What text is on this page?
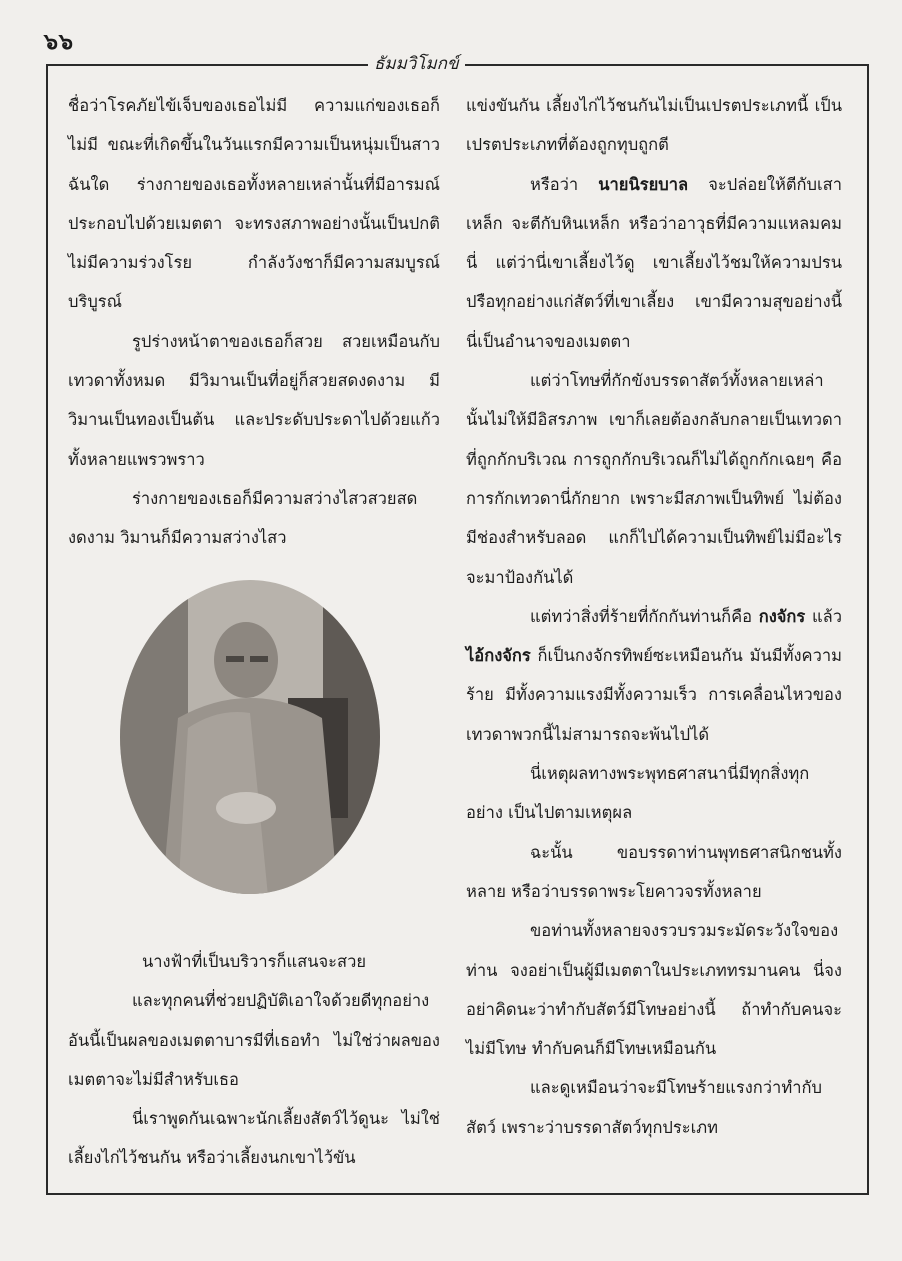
๖๖
ธัมมวิโมกข์

ชื่อว่าโรคภัยไข้เจ็บของเธอไม่มี ความแก่ของเธอก็ไม่มี ขณะที่เกิดขึ้นในวันแรกมีความเป็นหนุ่มเป็นสาวฉันใด ร่างกายของเธอทั้งหลายเหล่านั้นที่มีอารมณ์ประกอบไปด้วยเมตตา จะทรงสภาพอย่างนั้นเป็นปกติ ไม่มีความร่วงโรย กำลังวังชาก็มีความสมบูรณ์บริบูรณ์

รูปร่างหน้าตาของเธอก็สวย สวยเหมือนกับเทวดาทั้งหมด มีวิมานเป็นที่อยู่ก็สวยสดงดงาม มีวิมานเป็นทองเป็นต้น และประดับประดาไปด้วยแก้วทั้งหลายแพรวพราว

ร่างกายของเธอก็มีความสว่างไสวสวยสดงดงาม วิมานก็มีความสว่างไสว

นางฟ้าที่เป็นบริวารก็แสนจะสวย

และทุกคนที่ช่วยปฏิบัติเอาใจด้วยดีทุกอย่าง อันนี้เป็นผลของเมตตาบารมีที่เธอทำ ไม่ใช่ว่าผลของเมตตาจะไม่มีสำหรับเธอ

นี่เราพูดกันเฉพาะนักเลี้ยงสัตว์ไว้ดูนะ ไม่ใช่เลี้ยงไก่ไว้ชนกัน หรือว่าเลี้ยงนกเขาไว้ขัน

แข่งขันกัน เลี้ยงไก่ไว้ชนกันไม่เป็นเปรตประเภทนี้ เป็นเปรตประเภทที่ต้องถูกทุบถูกตี

หรือว่า นายนิรยบาล จะปล่อยให้ตีกับเสาเหล็ก จะตีกับหินเหล็ก หรือว่าอาวุธที่มีความแหลมคมนี่ แต่ว่านี่เขาเลี้ยงไว้ดู เขาเลี้ยงไว้ชมให้ความปรนปรือทุกอย่างแก่สัตว์ที่เขาเลี้ยง เขามีความสุขอย่างนี้ นี่เป็นอำนาจของเมตตา

แต่ว่าโทษที่กักขังบรรดาสัตว์ทั้งหลายเหล่านั้นไม่ให้มีอิสรภาพ เขาก็เลยต้องกลับกลายเป็นเทวดาที่ถูกกักบริเวณ การถูกกักบริเวณก็ไม่ได้ถูกกักเฉยๆ คือการกักเทวดานี่กักยาก เพราะมีสภาพเป็นทิพย์ ไม่ต้องมีช่องสำหรับลอด แกก็ไปได้ความเป็นทิพย์ไม่มีอะไรจะมาป้องกันได้

แต่ทว่าสิ่งที่ร้ายที่กักกันท่านก็คือ กงจักร แล้ว ไอ้กงจักร ก็เป็นกงจักรทิพย์ซะเหมือนกัน มันมีทั้งความร้าย มีทั้งความแรงมีทั้งความเร็ว การเคลื่อนไหวของเทวดาพวกนี้ไม่สามารถจะพ้นไปได้

นี่เหตุผลทางพระพุทธศาสนานี่มีทุกสิ่งทุกอย่าง เป็นไปตามเหตุผล

ฉะนั้น ขอบรรดาท่านพุทธศาสนิกชนทั้งหลาย หรือว่าบรรดาพระโยคาวจรทั้งหลาย

ขอท่านทั้งหลายจงรวบรวมระมัดระวังใจของท่าน จงอย่าเป็นผู้มีเมตตาในประเภททรมานคน นี่จงอย่าคิดนะว่าทำกับสัตว์มีโทษอย่างนี้ ถ้าทำกับคนจะไม่มีโทษ ทำกับคนก็มีโทษเหมือนกัน

และดูเหมือนว่าจะมีโทษร้ายแรงกว่าทำกับสัตว์ เพราะว่าบรรดาสัตว์ทุกประเภท
